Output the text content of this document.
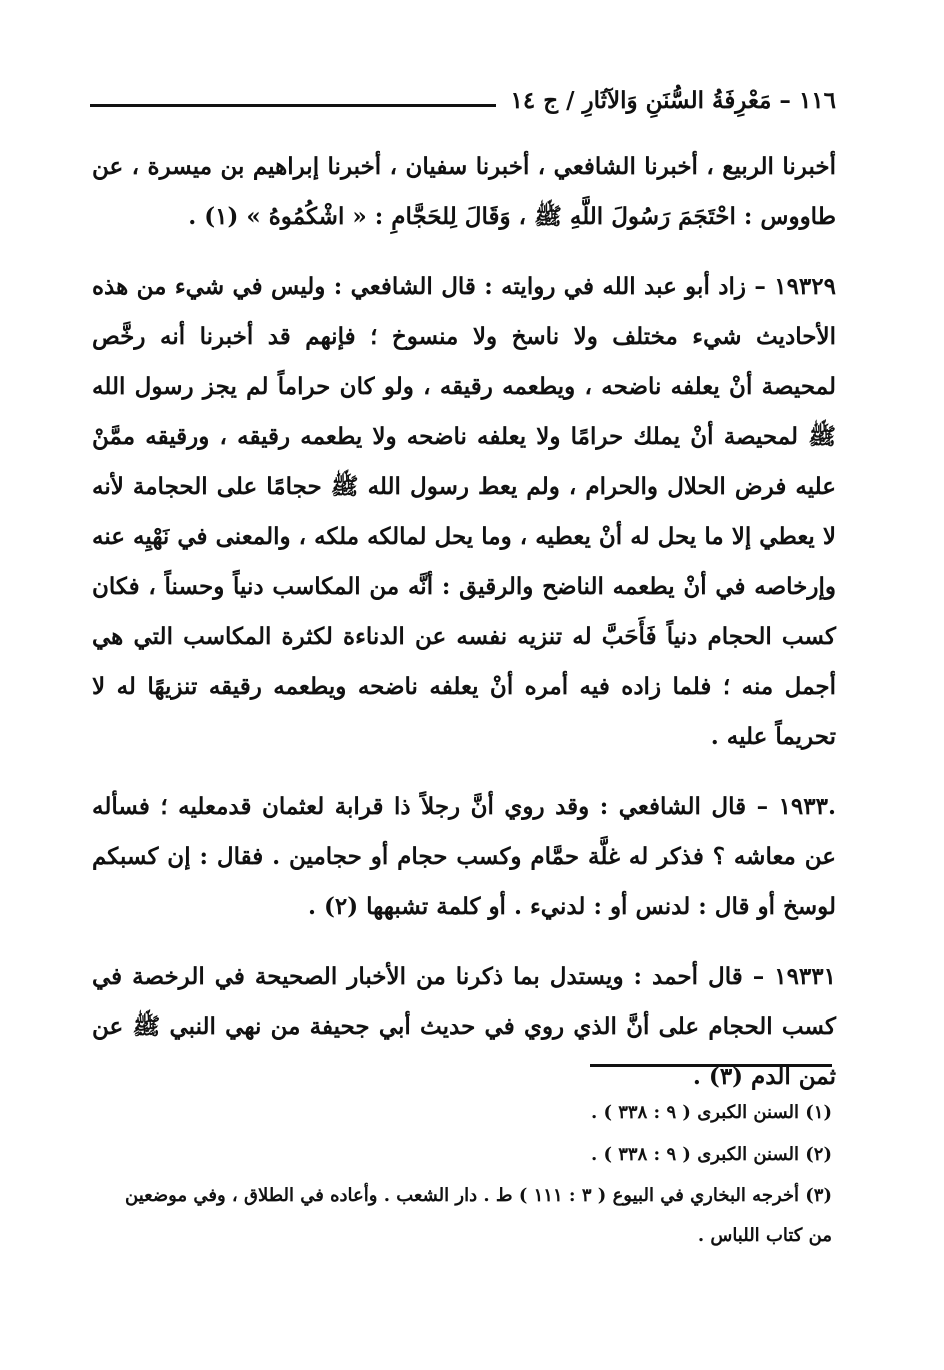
١١٦ – مَعْرِفَةُ السُّنَنِ وَالآثَارِ / ج ١٤

أخبرنا الربيع ، أخبرنا الشافعي ، أخبرنا سفيان ، أخبرنا إبراهيم بن ميسرة ، عن طاووس : احْتَجَمَ رَسُولَ اللَّهِ ﷺ ، وَقَالَ لِلحَجَّامِ : « اشْكُمُوهُ » (١) .

١٩٣٢٩ – زاد أبو عبد الله في روايته : قال الشافعي : وليس في شيء من هذه الأحاديث شيء مختلف ولا ناسخ ولا منسوخ ؛ فإنهم قد أخبرنا أنه رخَّص لمحيصة أنْ يعلفه ناضحه ، ويطعمه رقيقه ، ولو كان حراماً لم يجز رسول الله ﷺ لمحيصة أنْ يملك حرامًا ولا يعلفه ناضحه ولا يطعمه رقيقه ، ورقيقه ممَّنْ عليه فرض الحلال والحرام ، ولم يعط رسول الله ﷺ حجامًا على الحجامة لأنه لا يعطي إلا ما يحل له أنْ يعطيه ، وما يحل لمالكه ملكه ، والمعنى في نَهْيِه عنه وإرخاصه في أنْ يطعمه الناضح والرقيق : أنَّه من المكاسب دنياً وحسناً ، فكان كسب الحجام دنياً فَأَحَبَّ له تنزيه نفسه عن الدناءة لكثرة المكاسب التي هي أجمل منه ؛ فلما زاده فيه أمره أنْ يعلفه ناضحه ويطعمه رقيقه تنزيهًا له لا تحريماً عليه .

.١٩٣٣ – قال الشافعي : وقد روي أنَّ رجلاً ذا قرابة لعثمان قدمعليه ؛ فسأله عن معاشه ؟ فذكر له غلَّة حمَّام وكسب حجام أو حجامين . فقال : إن كسبكم لوسخ أو قال : لدنس أو : لدنيء . أو كلمة تشبهها (٢) .

١٩٣٣١ – قال أحمد : ويستدل بما ذكرنا من الأخبار الصحيحة في الرخصة في كسب الحجام على أنَّ الذي روي في حديث أبي جحيفة من نهي النبي ﷺ عن ثمن الدم (٣) .

(١) السنن الكبرى ( ٩ : ٣٣٨ ) .

(٢) السنن الكبرى ( ٩ : ٣٣٨ ) .

(٣) أخرجه البخاري في البيوع ( ٣ : ١١١ ) ط . دار الشعب . وأعاده في الطلاق ، وفي موضعين من كتاب اللباس .
